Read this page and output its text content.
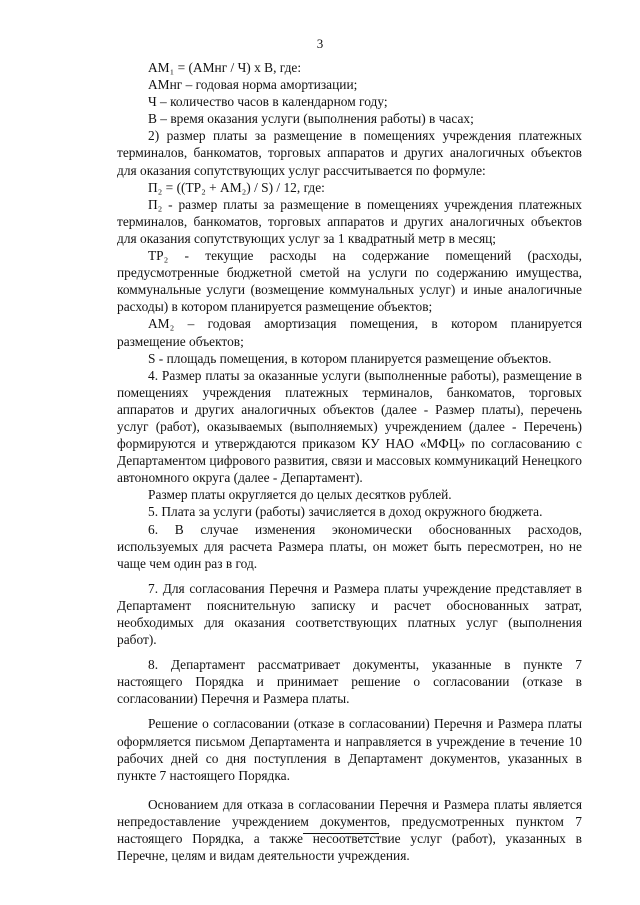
3

АМ₁ = (АМнг / Ч) х В, где:

АМнг – годовая норма амортизации;

Ч – количество часов в календарном году;

В – время оказания услуги (выполнения работы) в часах;

2) размер платы за размещение в помещениях учреждения платежных терминалов, банкоматов, торговых аппаратов и других аналогичных объектов для оказания сопутствующих услуг рассчитывается по формуле:

П₂ = ((ТР₂ + АМ₂) / S) / 12, где:

П₂ - размер платы за размещение в помещениях учреждения платежных терминалов, банкоматов, торговых аппаратов и других аналогичных объектов для оказания сопутствующих услуг за 1 квадратный метр в месяц;

ТР₂ - текущие расходы на содержание помещений (расходы, предусмотренные бюджетной сметой на услуги по содержанию имущества, коммунальные услуги (возмещение коммунальных услуг) и иные аналогичные расходы) в котором планируется размещение объектов;

АМ₂ – годовая амортизация помещения, в котором планируется размещение объектов;

S - площадь помещения, в котором планируется размещение объектов.

4. Размер платы за оказанные услуги (выполненные работы), размещение в помещениях учреждения платежных терминалов, банкоматов, торговых аппаратов и других аналогичных объектов (далее - Размер платы), перечень услуг (работ), оказываемых (выполняемых) учреждением (далее - Перечень) формируются и утверждаются приказом КУ НАО «МФЦ» по согласованию с Департаментом цифрового развития, связи и массовых коммуникаций Ненецкого автономного округа (далее - Департамент).

Размер платы округляется до целых десятков рублей.

5. Плата за услуги (работы) зачисляется в доход окружного бюджета.

6. В случае изменения экономически обоснованных расходов, используемых для расчета Размера платы, он может быть пересмотрен, но не чаще чем один раз в год.

7. Для согласования Перечня и Размера платы учреждение представляет в Департамент пояснительную записку и расчет обоснованных затрат, необходимых для оказания соответствующих платных услуг (выполнения работ).

8. Департамент рассматривает документы, указанные в пункте 7 настоящего Порядка и принимает решение о согласовании (отказе в согласовании) Перечня и Размера платы.

Решение о согласовании (отказе в согласовании) Перечня и Размера платы оформляется письмом Департамента и направляется в учреждение в течение 10 рабочих дней со дня поступления в Департамент документов, указанных в пункте 7 настоящего Порядка.

Основанием для отказа в согласовании Перечня и Размера платы является непредоставление учреждением документов, предусмотренных пунктом 7 настоящего Порядка, а также несоответствие услуг (работ), указанных в Перечне, целям и видам деятельности учреждения.
